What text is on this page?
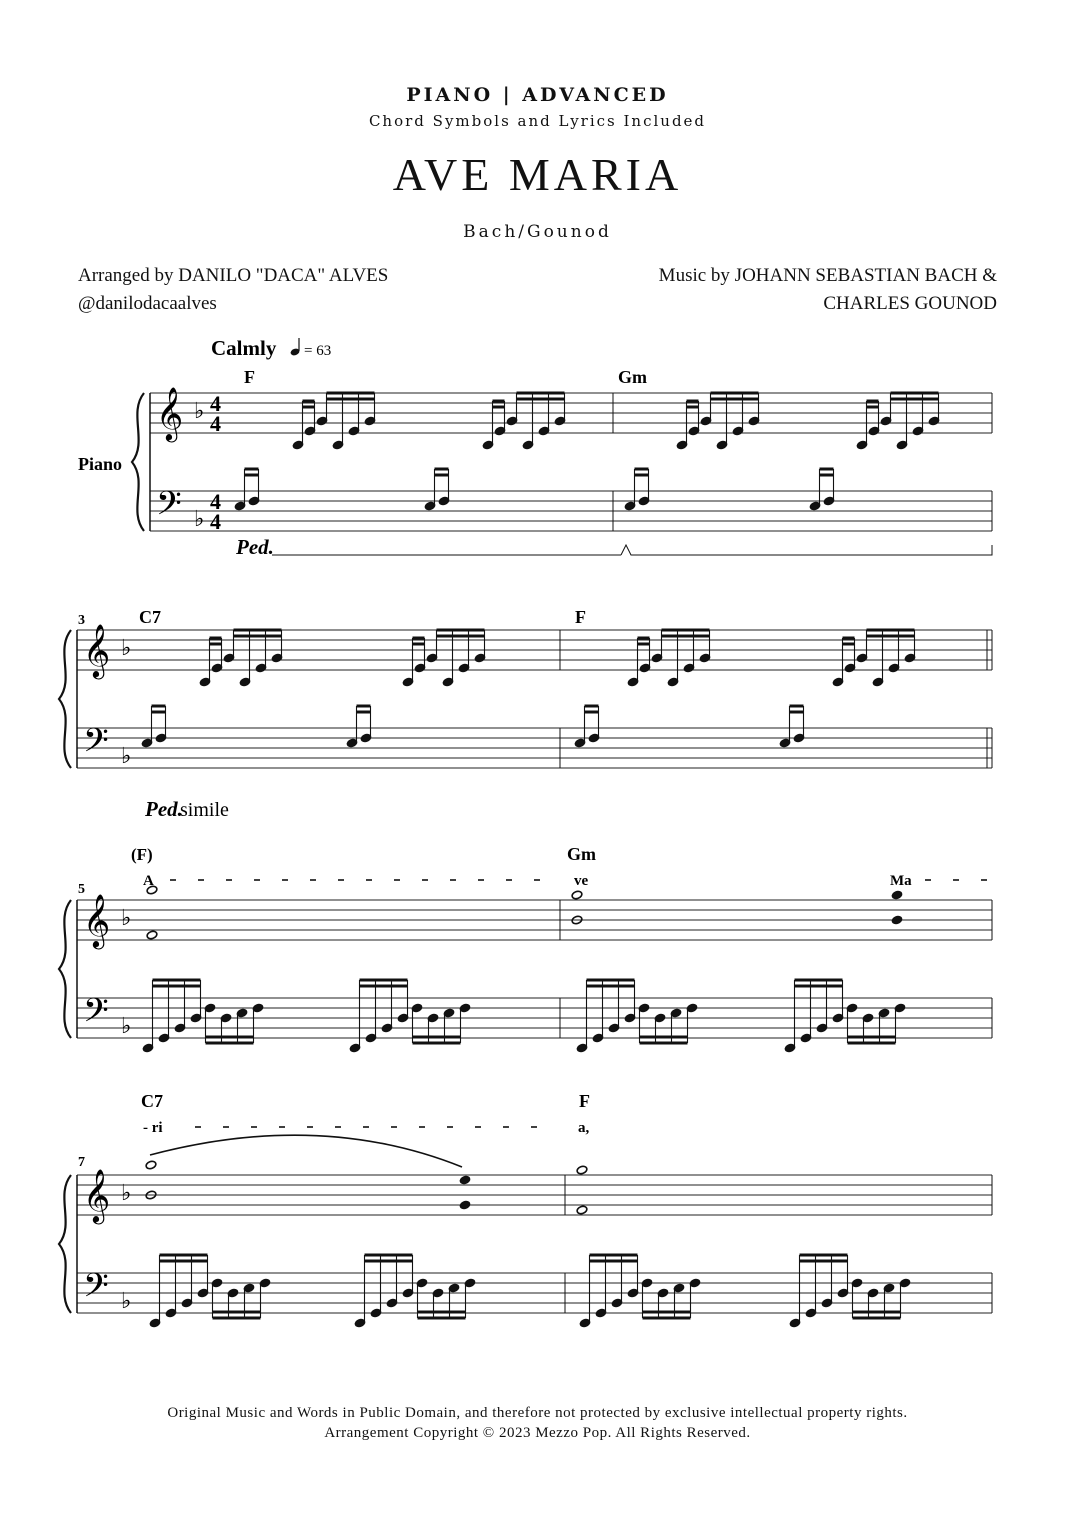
PIANO | ADVANCED
Chord Symbols and Lyrics Included
AVE MARIA
Bach/Gounod
Arranged by DANILO "DACA" ALVES
@danilodacaalves
Music by JOHANN SEBASTIAN BACH &
CHARLES GOUNOD
Calmly = 63
Piano
Ped.
Ped.
simile
F	Gm
C7	F
(F)	Gm
C7	F
3
5
7
A	ve	Ma
- ri	a,
𝄞
𝄢
♭
♭
4
4
4
4
𝄞
𝄢
♭
♭
𝄞
𝄢
♭
♭
𝄞
𝄢
♭
♭
Original Music and Words in Public Domain, and therefore not protected by exclusive intellectual property rights.
Arrangement Copyright © 2023 Mezzo Pop. All Rights Reserved.
